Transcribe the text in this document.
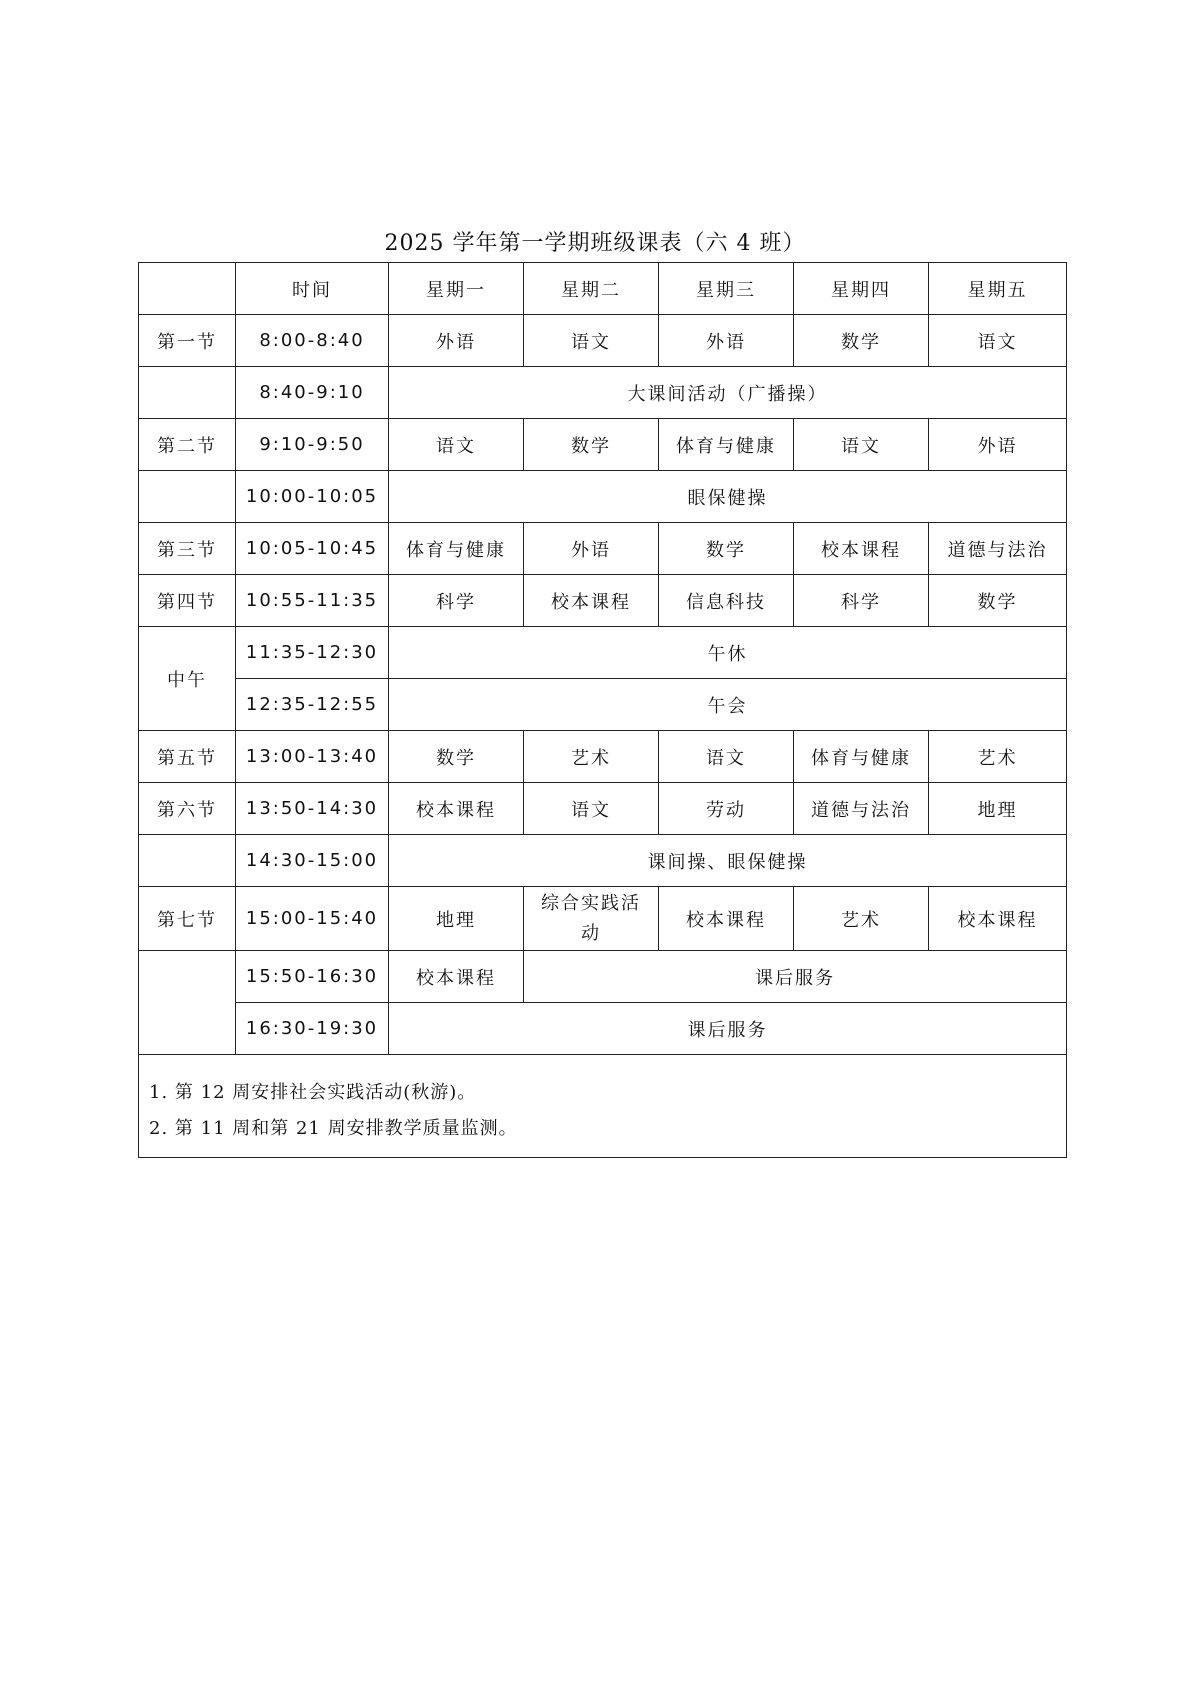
2025 学年第一学期班级课表（六 4 班）
	时间	星期一	星期二	星期三	星期四	星期五
第一节	8:00-8:40	外语	语文	外语	数学	语文
	8:40-9:10	大课间活动（广播操）				
第二节	9:10-9:50	语文	数学	体育与健康	语文	外语
	10:00-10:05	眼保健操				
第三节	10:05-10:45	体育与健康	外语	数学	校本课程	道德与法治
第四节	10:55-11:35	科学	校本课程	信息科技	科学	数学
中午	11:35-12:30	午休				
	12:35-12:55	午会				
第五节	13:00-13:40	数学	艺术	语文	体育与健康	艺术
第六节	13:50-14:30	校本课程	语文	劳动	道德与法治	地理
	14:30-15:00	课间操、眼保健操				
第七节	15:00-15:40	地理	综合实践活动	校本课程	艺术	校本课程
	15:50-16:30	校本课程	课后服务			
	16:30-19:30	课后服务				

1. 第 12 周安排社会实践活动(秋游)。
2. 第 11 周和第 21 周安排教学质量监测。						
